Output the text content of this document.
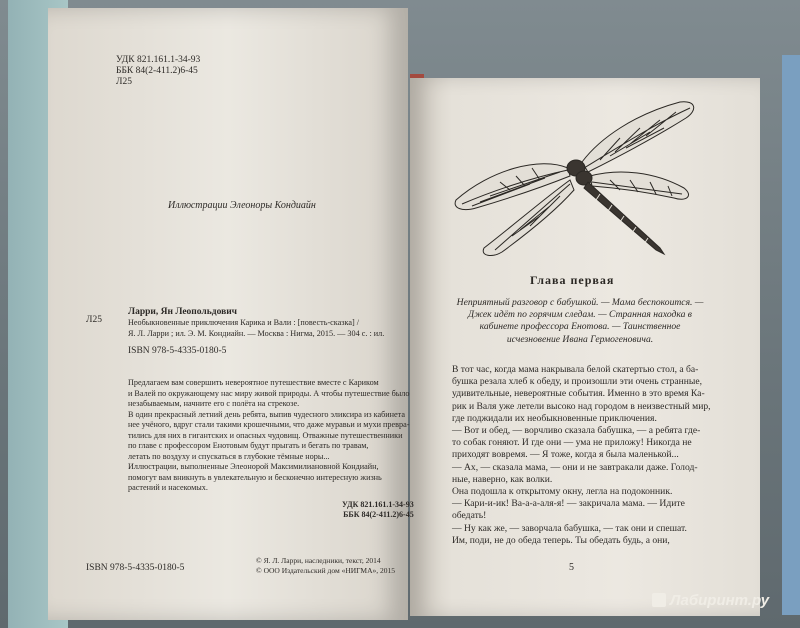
УДК 821.161.1-34-93
ББК 84(2-411.2)6-45
Л25
Иллюстрации Элеоноры Кондиайн
Ларри, Ян Леопольдович
Л25	Необыкновенные приключения Карика и Вали : [повесть-сказка] /
Я. Л. Ларри ; ил. Э. М. Кондиайн. — Москва : Нигма, 2015. — 304 с. : ил.
ISBN 978-5-4335-0180-5
Предлагаем вам совершить невероятное путешествие вместе с Кариком
и Валей по окружающему нас миру живой природы. А чтобы путешествие было
незабываемым, начните его с полёта на стрекозе.
В один прекрасный летний день ребята, выпив чудесного эликсира из кабинета
нее учёного, вдруг стали такими крошечными, что даже муравьи и мухи превра-
тились для них в гигантских и опасных чудовищ. Отважные путешественники
по главе с профессором Енотовым будут прыгать и бегать по травам,
летать по воздуху и спускаться в глубокие тёмные норы...
Иллюстрации, выполненные Элеонорой Максимилиановной Кондиайн,
помогут вам вникнуть в увлекательную и бесконечно интересную жизнь
растений и насекомых.
УДК 821.161.1-34-93
ББК 84(2-411.2)6-45
ISBN 978-5-4335-0180-5
© Я. Л. Ларри, наследники, текст, 2014
© ООО Издательский дом «НИГМА», 2015
Глава первая
Неприятный разговор с бабушкой. — Мама беспокоится. — Джек идёт по горячим следам. — Странная находка в кабинете профессора Енотова. — Таинственное исчезновение Ивана Гермогеновича.
В тот час, когда мама накрывала белой скатертью стол, а ба-
бушка резала хлеб к обеду, и произошли эти очень странные,
удивительные, невероятные события. Именно в это время Ка-
рик и Валя уже летели высоко над городом в неизвестный мир,
где поджидали их необыкновенные приключения.
— Вот и обед, — ворчливо сказала бабушка, — а ребята где-
то собак гоняют. И где они — ума не приложу! Никогда не
приходят вовремя. — Я тоже, когда я была маленькой...
— Ах, — сказала мама, — они и не завтракали даже. Голод-
ные, наверно, как волки.
Она подошла к открытому окну, легла на подоконник.
— Кари-и-ик! Ва-а-а-аля-я! — закричала мама. — Идите
обедать!
— Ну как же, — заворчала бабушка, — так они и спешат.
Им, поди, не до обеда теперь. Ты обедать будь, а они,
5
Лабиринт.ру
